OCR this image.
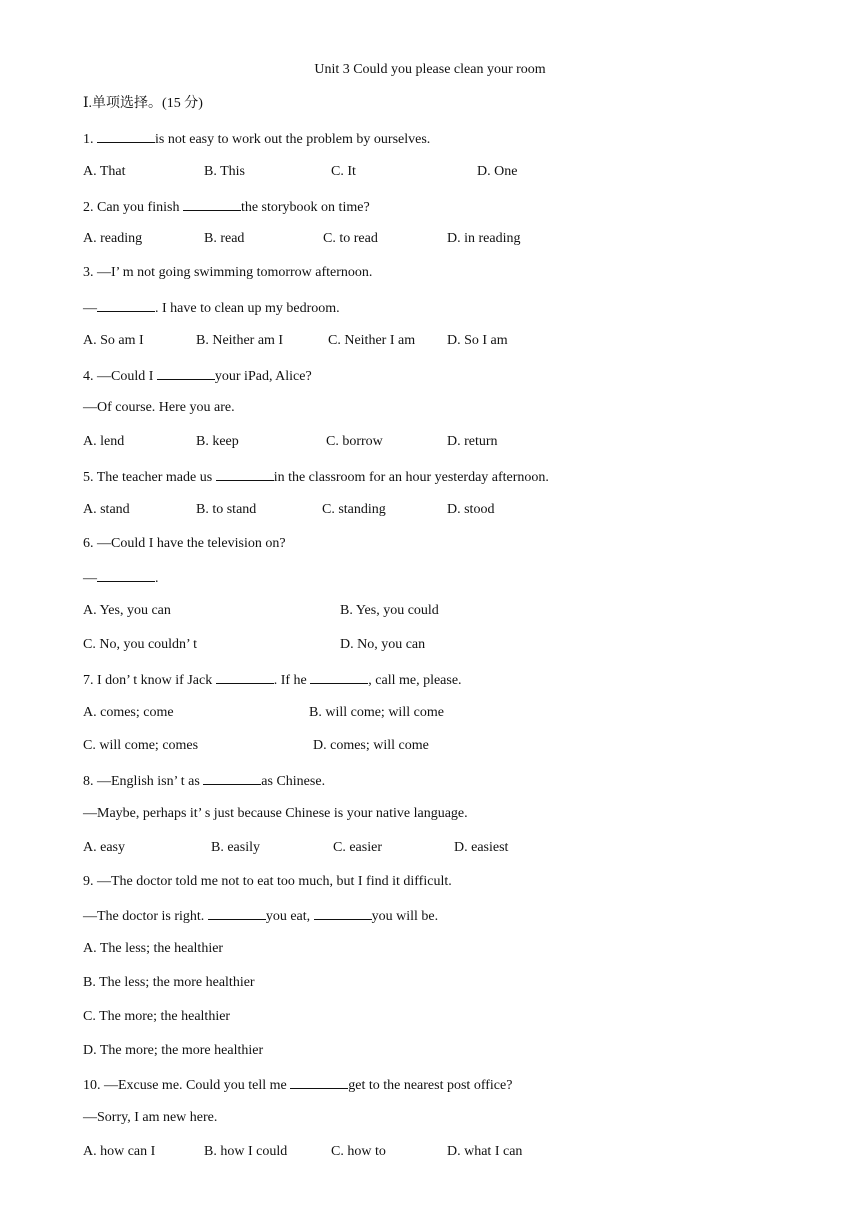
Unit 3 Could you please clean your room
Ⅰ.单项选择。(15 分)
1.	is not easy to work out the problem by ourselves.
A. That	B. This	C. It	D. One
2. Can you finish	the storybook on time?
A. reading	B. read	C. to read	D. in reading
3. —I’ m not going swimming tomorrow afternoon.
—	. I have to clean up my bedroom.
A. So am I	B. Neither am I	C. Neither I am D. So I am
4. —Could I	your iPad, Alice?
—Of course. Here you are.
A. lend	B. keep	C. borrow	D. return
5. The teacher made us	in the classroom for an hour yesterday afternoon.
A. stand	B. to stand	C. standing	D. stood
6. —Could I have the television on?
—	.
A. Yes, you can	B. Yes, you could
C. No, you couldn’ t	D. No, you can
7. I don’ t know if Jack	. If he	, call me, please.
A. comes; come	B. will come; will come
C. will come; comes	D. comes; will come
8. —English isn’ t as	as Chinese.
—Maybe, perhaps it’ s just because Chinese is your native language.
A. easy	B. easily	C. easier	D. easiest
9. —The doctor told me not to eat too much, but I find it difficult.
—The doctor is right.	you eat,	you will be.
A. The less; the healthier
B. The less; the more healthier
C. The more; the healthier
D. The more; the more healthier
10. —Excuse me. Could you tell me	get to the nearest post office?
—Sorry, I am new here.
A. how can I	B. how I could	C. how to	D. what I can
